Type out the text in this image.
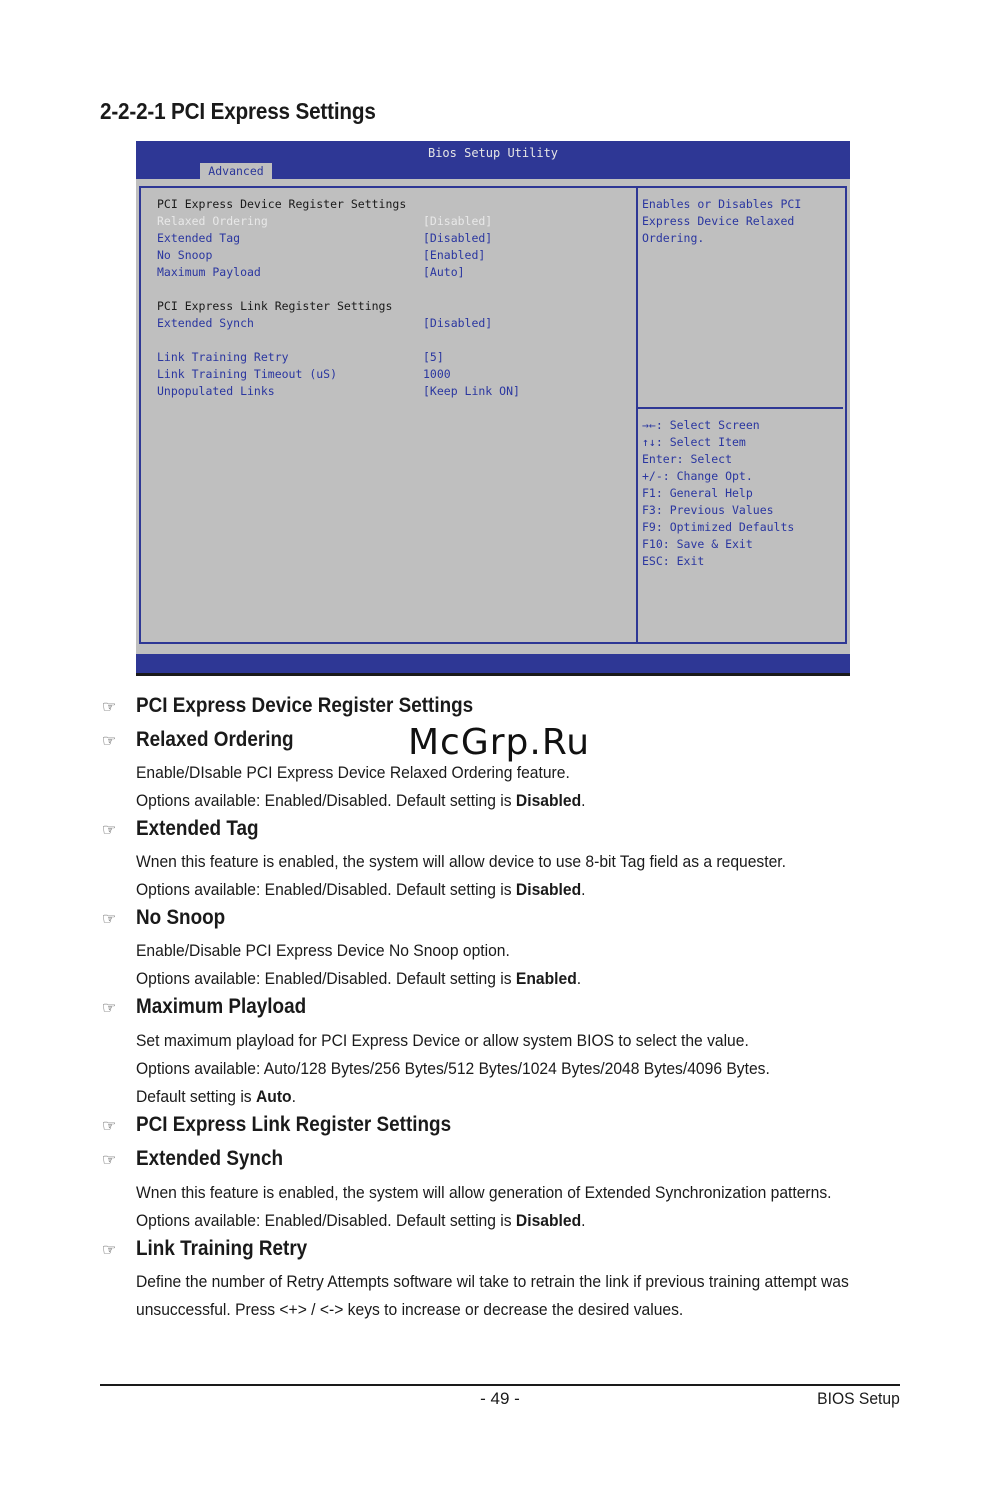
2-2-2-1 PCI Express Settings
Bios Setup Utility
Advanced
PCI Express Device Register Settings
Relaxed Ordering	[Disabled]
Extended Tag	[Disabled]
No Snoop	[Enabled]
Maximum Payload	[Auto]
PCI Express Link Register Settings
Extended Synch	[Disabled]
Link Training Retry	[5]
Link Training Timeout (uS)	1000
Unpopulated Links	[Keep Link ON]
Enables or Disables PCI
Express Device Relaxed
Ordering.
→←: Select Screen
↑↓: Select Item
Enter: Select
+/-: Change Opt.
F1: General Help
F3: Previous Values
F9: Optimized Defaults
F10: Save & Exit
ESC: Exit
☞ PCI Express Device Register Settings
☞ Relaxed Ordering
Enable/DIsable PCI Express Device Relaxed Ordering feature.
Options available: Enabled/Disabled. Default setting is Disabled.
☞ Extended Tag
Wnen this feature is enabled, the system will allow device to use 8-bit Tag field as a requester.
Options available: Enabled/Disabled. Default setting is Disabled.
☞ No Snoop
Enable/Disable PCI Express Device No Snoop option.
Options available: Enabled/Disabled. Default setting is Enabled.
☞ Maximum Playload
Set maximum playload for PCI Express Device or allow system BIOS to select the value.
Options available: Auto/128 Bytes/256 Bytes/512 Bytes/1024 Bytes/2048 Bytes/4096 Bytes.
Default setting is Auto.
☞ PCI Express Link Register Settings
☞ Extended Synch
Wnen this feature is enabled, the system will allow generation of Extended Synchronization patterns.
Options available: Enabled/Disabled. Default setting is Disabled.
☞ Link Training Retry
Define the number of Retry Attempts software wil take to retrain the link if previous training attempt was
unsuccessful. Press <+> / <-> keys to increase or decrease the desired values.
McGrp.Ru
- 49 -	BIOS Setup
